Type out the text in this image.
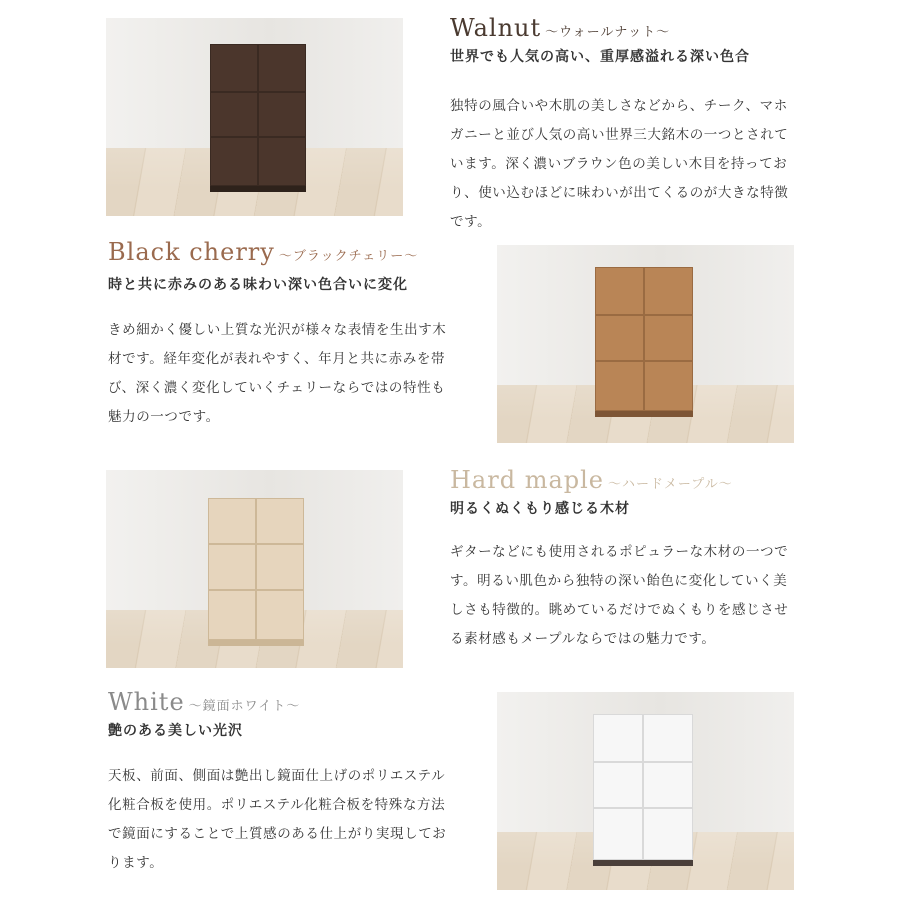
Walnut ～ウォールナット～
世界でも人気の高い、重厚感溢れる深い色合
独特の風合いや木肌の美しさなどから、チーク、マホガニーと並び人気の高い世界三大銘木の一つとされています。深く濃いブラウン色の美しい木目を持っており、使い込むほどに味わいが出てくるのが大きな特徴です。
Black cherry ～ブラックチェリー～
時と共に赤みのある味わい深い色合いに変化
きめ細かく優しい上質な光沢が様々な表情を生出す木材です。経年変化が表れやすく、年月と共に赤みを帯び、深く濃く変化していくチェリーならではの特性も魅力の一つです。
Hard maple ～ハードメープル～
明るくぬくもり感じる木材
ギターなどにも使用されるポピュラーな木材の一つです。明るい肌色から独特の深い飴色に変化していく美しさも特徴的。眺めているだけでぬくもりを感じさせる素材感もメープルならではの魅力です。
White ～鏡面ホワイト～
艶のある美しい光沢
天板、前面、側面は艶出し鏡面仕上げのポリエステル化粧合板を使用。ポリエステル化粧合板を特殊な方法で鏡面にすることで上質感のある仕上がり実現しております。
